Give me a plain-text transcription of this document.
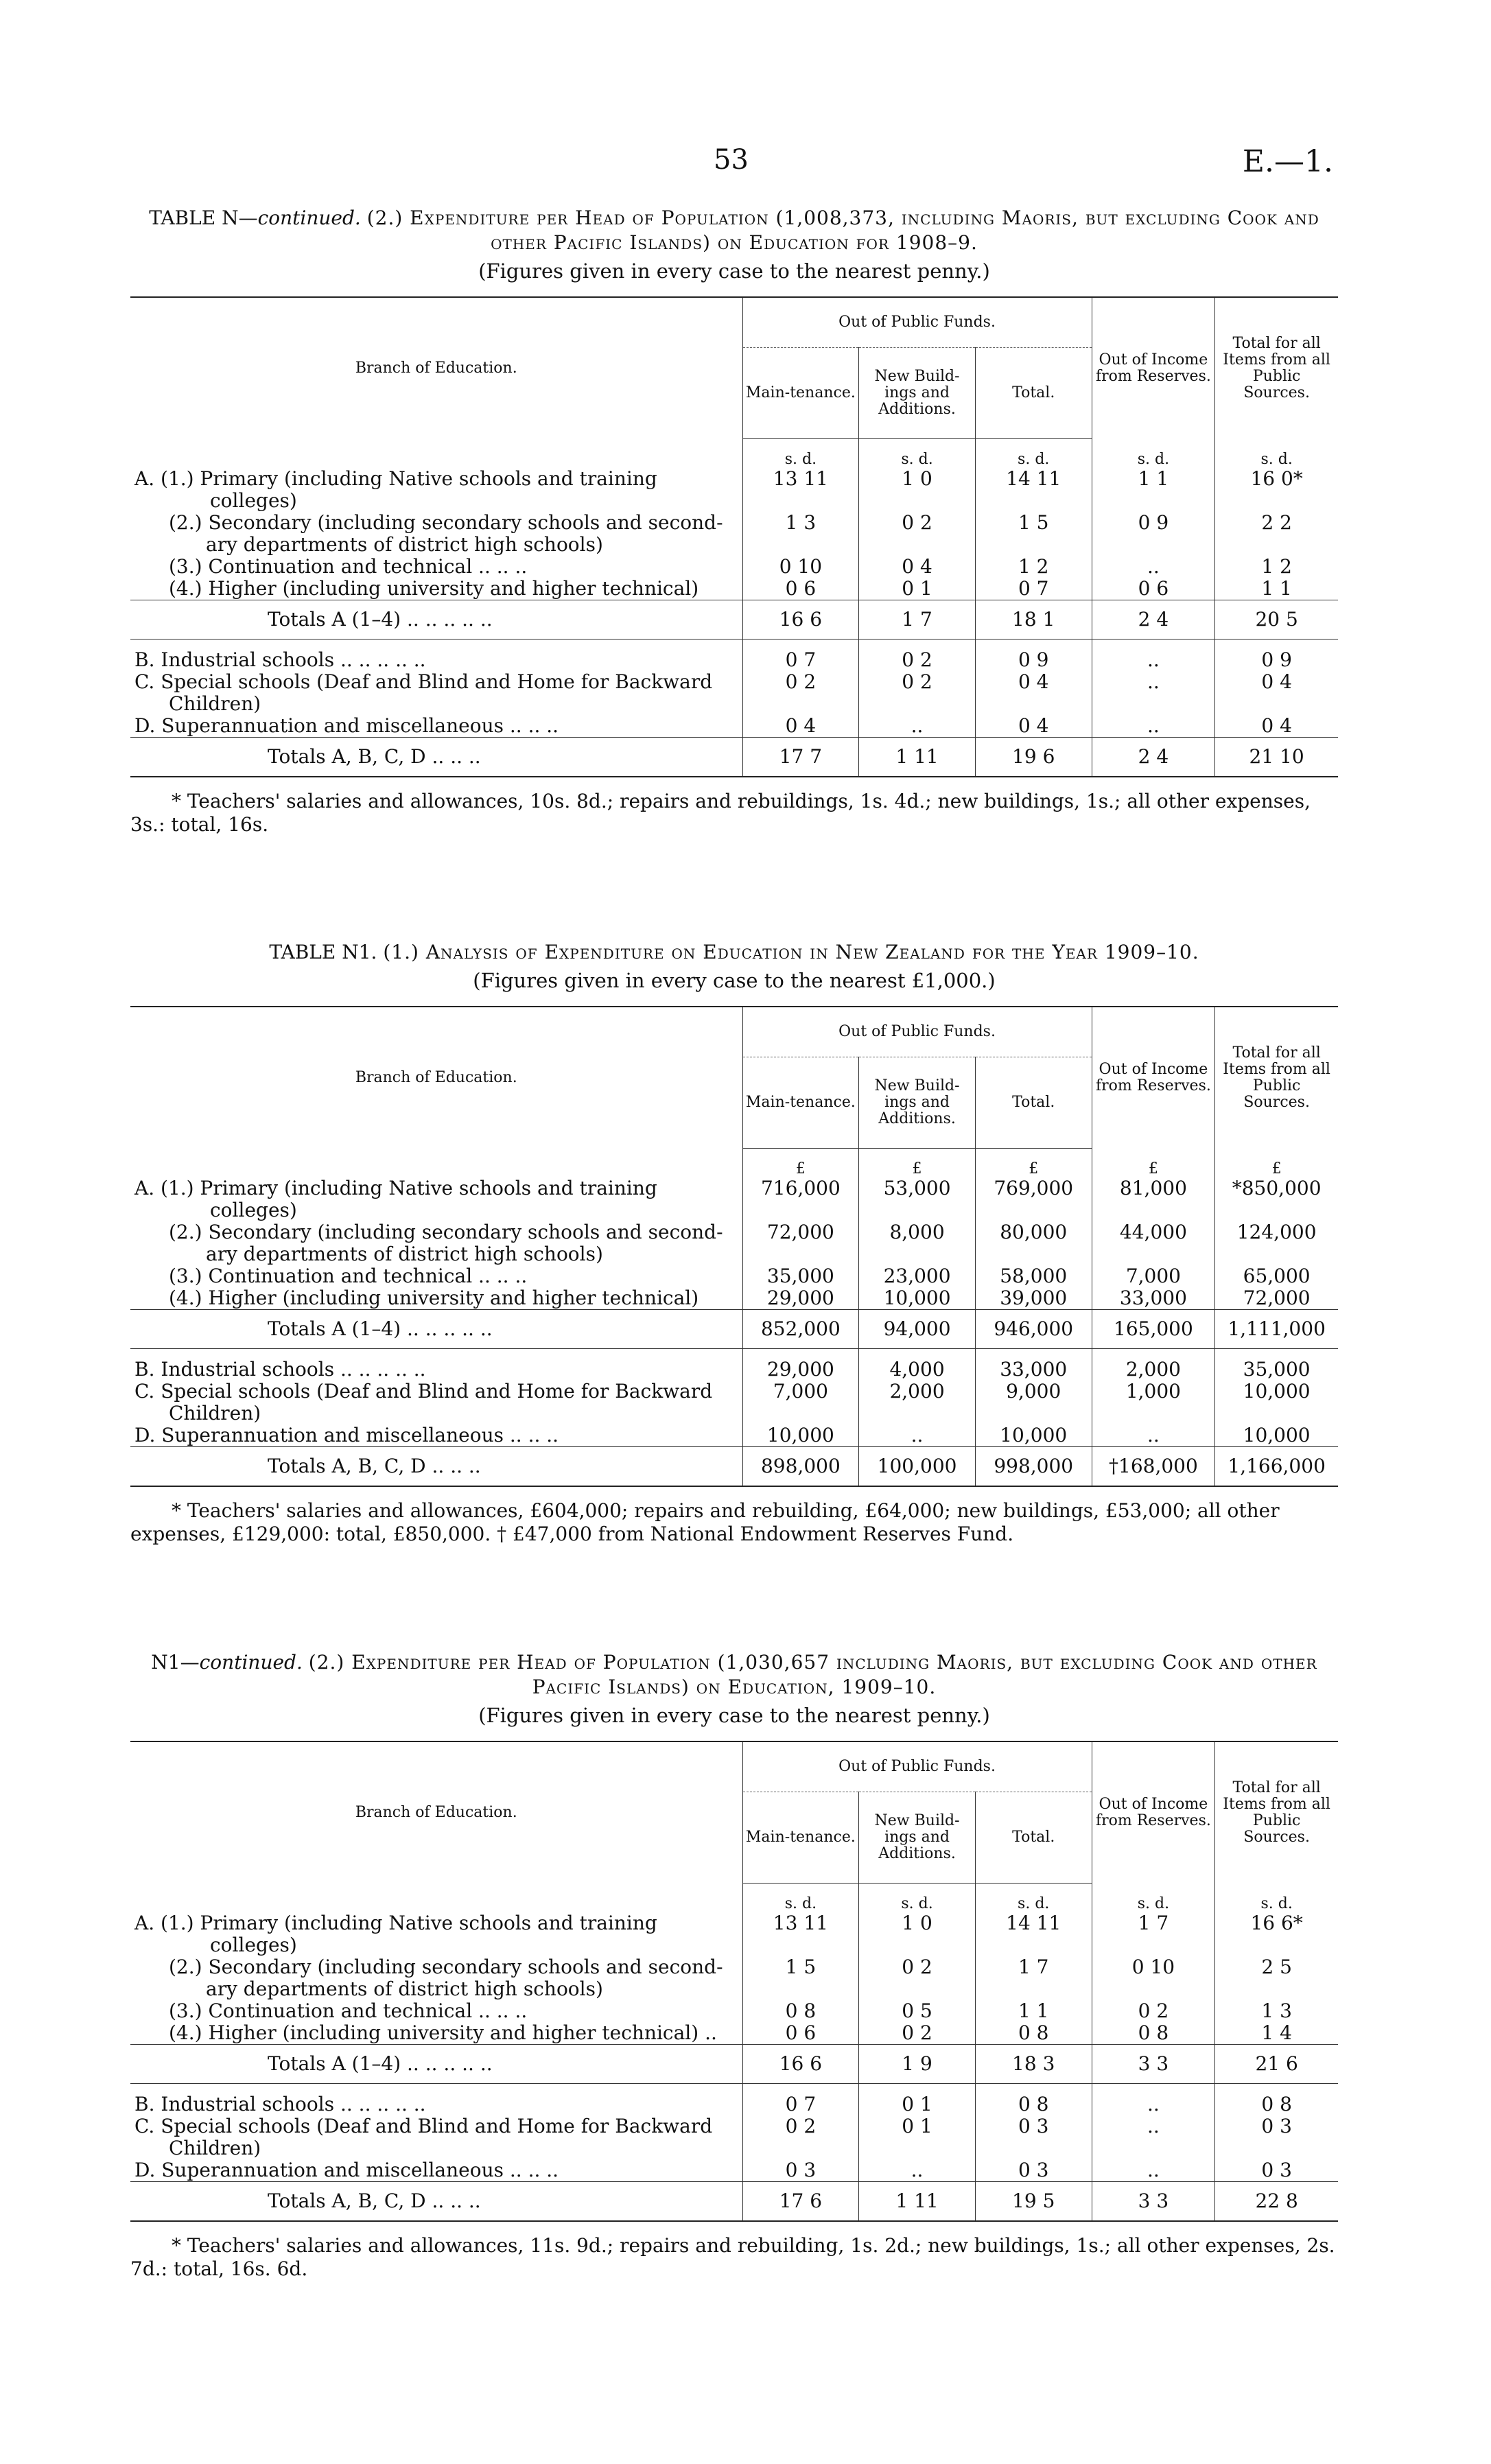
53	E.—1.
TABLE N—continued. (2.) Expenditure per Head of Population (1,008,373, including Maoris, but excluding Cook and other Pacific Islands) on Education for 1908–9.
(Figures given in every case to the nearest penny.)
Branch of Education.	Out of Public Funds.			Out of Income from Reserves.	Total for all Items from all Public Sources.
	Main-tenance.	New Build-ings and Additions.	Total.		
	s. d.	s. d.	s. d.	s. d.	s. d.

A. (1.) Primary (including Native schools and training
colleges)	13 11	1 0	14 11	1 1	16 0*

(2.) Secondary (including secondary schools and second-
ary departments of district high schools)	1 3	0 2	1 5	0 9	2 2
(3.) Continuation and technical .. .. ..	0 10	0 4	1 2	..	1 2
(4.) Higher (including university and higher technical)	0 6	0 1	0 7	0 6	1 1
Totals A (1–4) .. .. .. .. ..	16 6	1 7	18 1	2 4	20 5

B. Industrial schools .. .. .. .. ..	0 7	0 2	0 9	..	0 9

C. Special schools (Deaf and Blind and Home for Backward
Children)	0 2	0 2	0 4	..	0 4
D. Superannuation and miscellaneous .. .. ..	0 4	..	0 4	..	0 4
Totals A, B, C, D .. .. ..	17 7	1 11	19 6	2 4	21 10
* Teachers' salaries and allowances, 10s. 8d.; repairs and rebuildings, 1s. 4d.; new buildings, 1s.; all other expenses, 3s.: total, 16s.
TABLE N1. (1.) Analysis of Expenditure on Education in New Zealand for the Year 1909–10.
(Figures given in every case to the nearest £1,000.)
Branch of Education.	Out of Public Funds.			Out of Income from Reserves.	Total for all Items from all Public Sources.
	Main-tenance.	New Build-ings and Additions.	Total.		
	£	£	£	£	£

A. (1.) Primary (including Native schools and training
colleges)	716,000	53,000	769,000	81,000	*850,000

(2.) Secondary (including secondary schools and second-
ary departments of district high schools)	72,000	8,000	80,000	44,000	124,000
(3.) Continuation and technical .. .. ..	35,000	23,000	58,000	7,000	65,000
(4.) Higher (including university and higher technical)	29,000	10,000	39,000	33,000	72,000
Totals A (1–4) .. .. .. .. ..	852,000	94,000	946,000	165,000	1,111,000

B. Industrial schools .. .. .. .. ..	29,000	4,000	33,000	2,000	35,000

C. Special schools (Deaf and Blind and Home for Backward
Children)	7,000	2,000	9,000	1,000	10,000
D. Superannuation and miscellaneous .. .. ..	10,000	..	10,000	..	10,000
Totals A, B, C, D .. .. ..	898,000	100,000	998,000	†168,000	1,166,000
* Teachers' salaries and allowances, £604,000; repairs and rebuilding, £64,000; new buildings, £53,000; all other expenses, £129,000: total, £850,000. † £47,000 from National Endowment Reserves Fund.
N1—continued. (2.) Expenditure per Head of Population (1,030,657 including Maoris, but excluding Cook and other Pacific Islands) on Education, 1909–10.
(Figures given in every case to the nearest penny.)
Branch of Education.	Out of Public Funds.			Out of Income from Reserves.	Total for all Items from all Public Sources.
	Main-tenance.	New Build-ings and Additions.	Total.		
	s. d.	s. d.	s. d.	s. d.	s. d.

A. (1.) Primary (including Native schools and training
colleges)	13 11	1 0	14 11	1 7	16 6*

(2.) Secondary (including secondary schools and second-
ary departments of district high schools)	1 5	0 2	1 7	0 10	2 5
(3.) Continuation and technical .. .. ..	0 8	0 5	1 1	0 2	1 3
(4.) Higher (including university and higher technical) ..	0 6	0 2	0 8	0 8	1 4
Totals A (1–4) .. .. .. .. ..	16 6	1 9	18 3	3 3	21 6

B. Industrial schools .. .. .. .. ..	0 7	0 1	0 8	..	0 8

C. Special schools (Deaf and Blind and Home for Backward
Children)	0 2	0 1	0 3	..	0 3
D. Superannuation and miscellaneous .. .. ..	0 3	..	0 3	..	0 3
Totals A, B, C, D .. .. ..	17 6	1 11	19 5	3 3	22 8
* Teachers' salaries and allowances, 11s. 9d.; repairs and rebuilding, 1s. 2d.; new buildings, 1s.; all other expenses, 2s. 7d.: total, 16s. 6d.
